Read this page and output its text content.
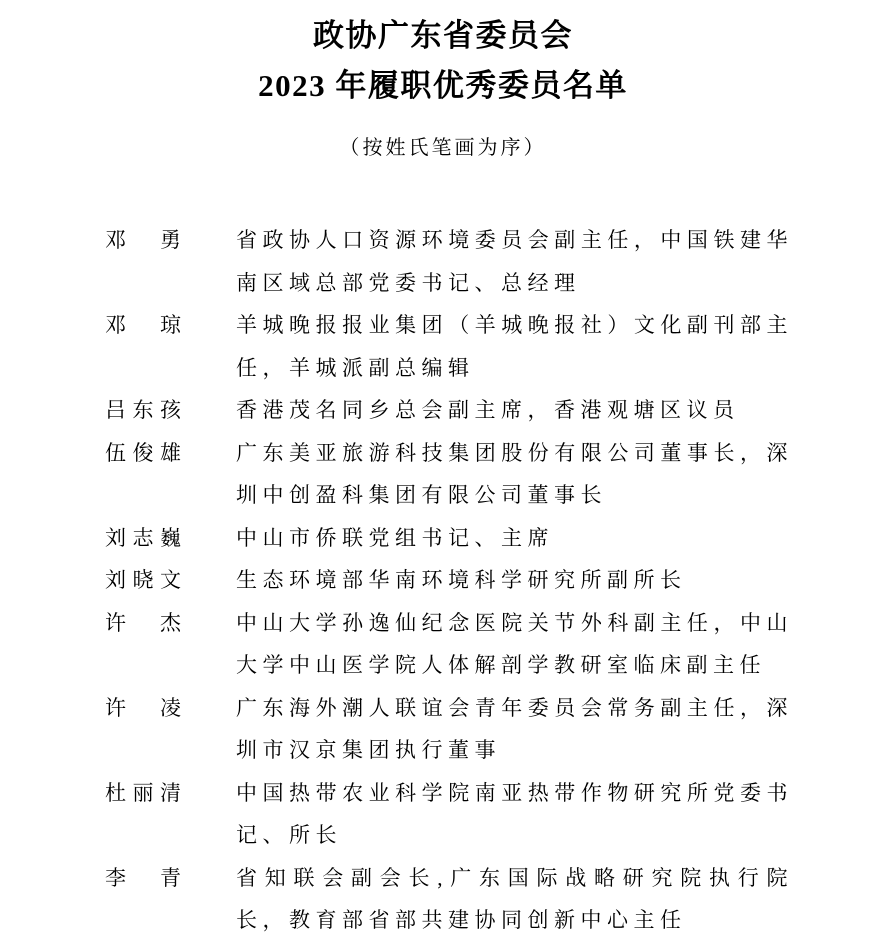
政协广东省委员会
2023 年履职优秀委员名单
（按姓氏笔画为序）
邓　勇	省政协人口资源环境委员会副主任，中国铁建华南区域总部党委书记、总经理
邓　琼	羊城晚报报业集团（羊城晚报社）文化副刊部主任，羊城派副总编辑
吕东孩	香港茂名同乡总会副主席，香港观塘区议员
伍俊雄	广东美亚旅游科技集团股份有限公司董事长，深圳中创盈科集团有限公司董事长
刘志巍	中山市侨联党组书记、主席
刘晓文	生态环境部华南环境科学研究所副所长
许　杰	中山大学孙逸仙纪念医院关节外科副主任，中山大学中山医学院人体解剖学教研室临床副主任
许　凌	广东海外潮人联谊会青年委员会常务副主任，深圳市汉京集团执行董事
杜丽清	中国热带农业科学院南亚热带作物研究所党委书记、所长
李　青	省知联会副会长,广东国际战略研究院执行院长，教育部省部共建协同创新中心主任
